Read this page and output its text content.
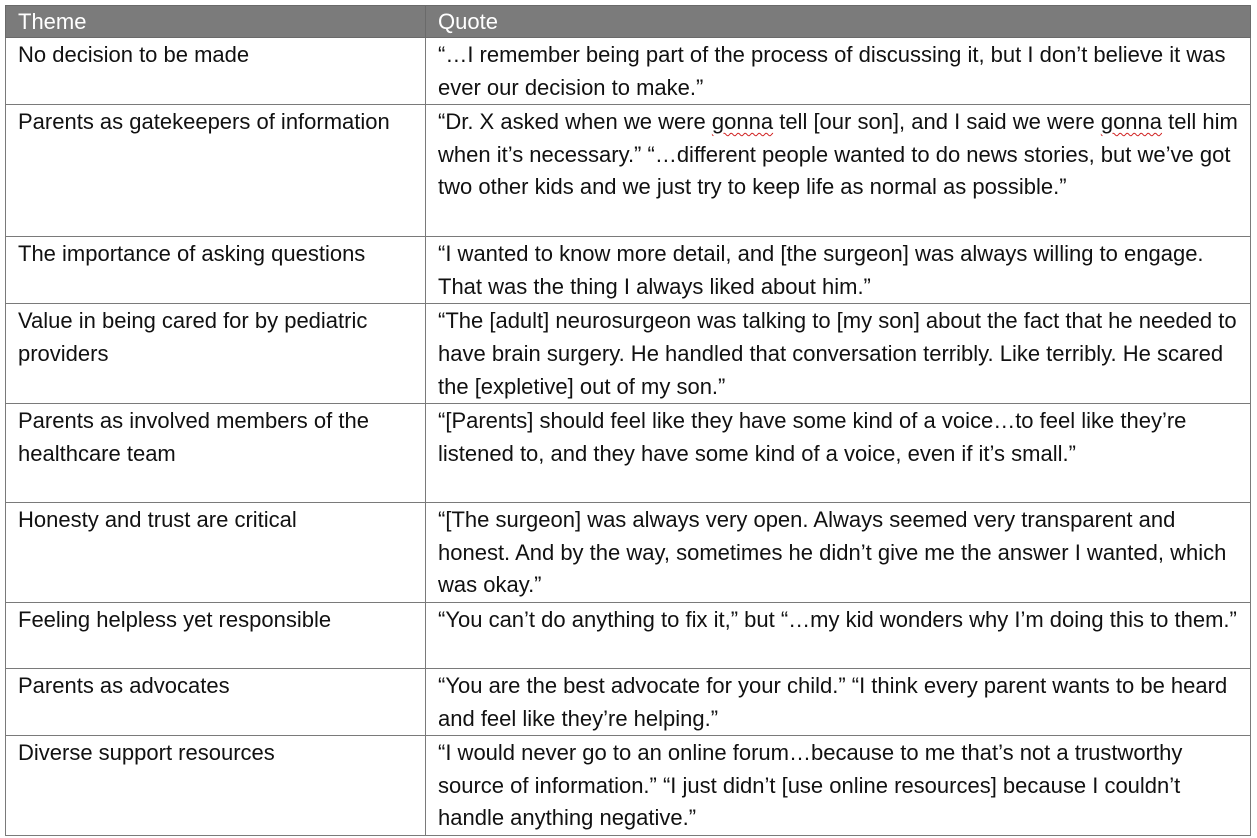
Theme	Quote
No decision to be made	“…I remember being part of the process of discussing it, but I don’t believe it was ever our decision to make.”
Parents as gatekeepers of information	“Dr. X asked when we were gonna tell [our son], and I said we were gonna tell him when it’s necessary.” “…different people wanted to do news stories, but we’ve got two other kids and we just try to keep life as normal as possible.”
The importance of asking questions	“I wanted to know more detail, and [the surgeon] was always willing to engage. That was the thing I always liked about him.”
Value in being cared for by pediatric providers	“The [adult] neurosurgeon was talking to [my son] about the fact that he needed to have brain surgery. He handled that conversation terribly. Like terribly. He scared the [expletive] out of my son.”
Parents as involved members of the healthcare team	“[Parents] should feel like they have some kind of a voice…to feel like they’re listened to, and they have some kind of a voice, even if it’s small.”
Honesty and trust are critical	“[The surgeon] was always very open. Always seemed very transparent and honest. And by the way, sometimes he didn’t give me the answer I wanted, which was okay.”
Feeling helpless yet responsible	“You can’t do anything to fix it,” but “…my kid wonders why I’m doing this to them.”
Parents as advocates	“You are the best advocate for your child.” “I think every parent wants to be heard and feel like they’re helping.”
Diverse support resources	“I would never go to an online forum…because to me that’s not a trustworthy source of information.” “I just didn’t [use online resources] because I couldn’t handle anything negative.”
